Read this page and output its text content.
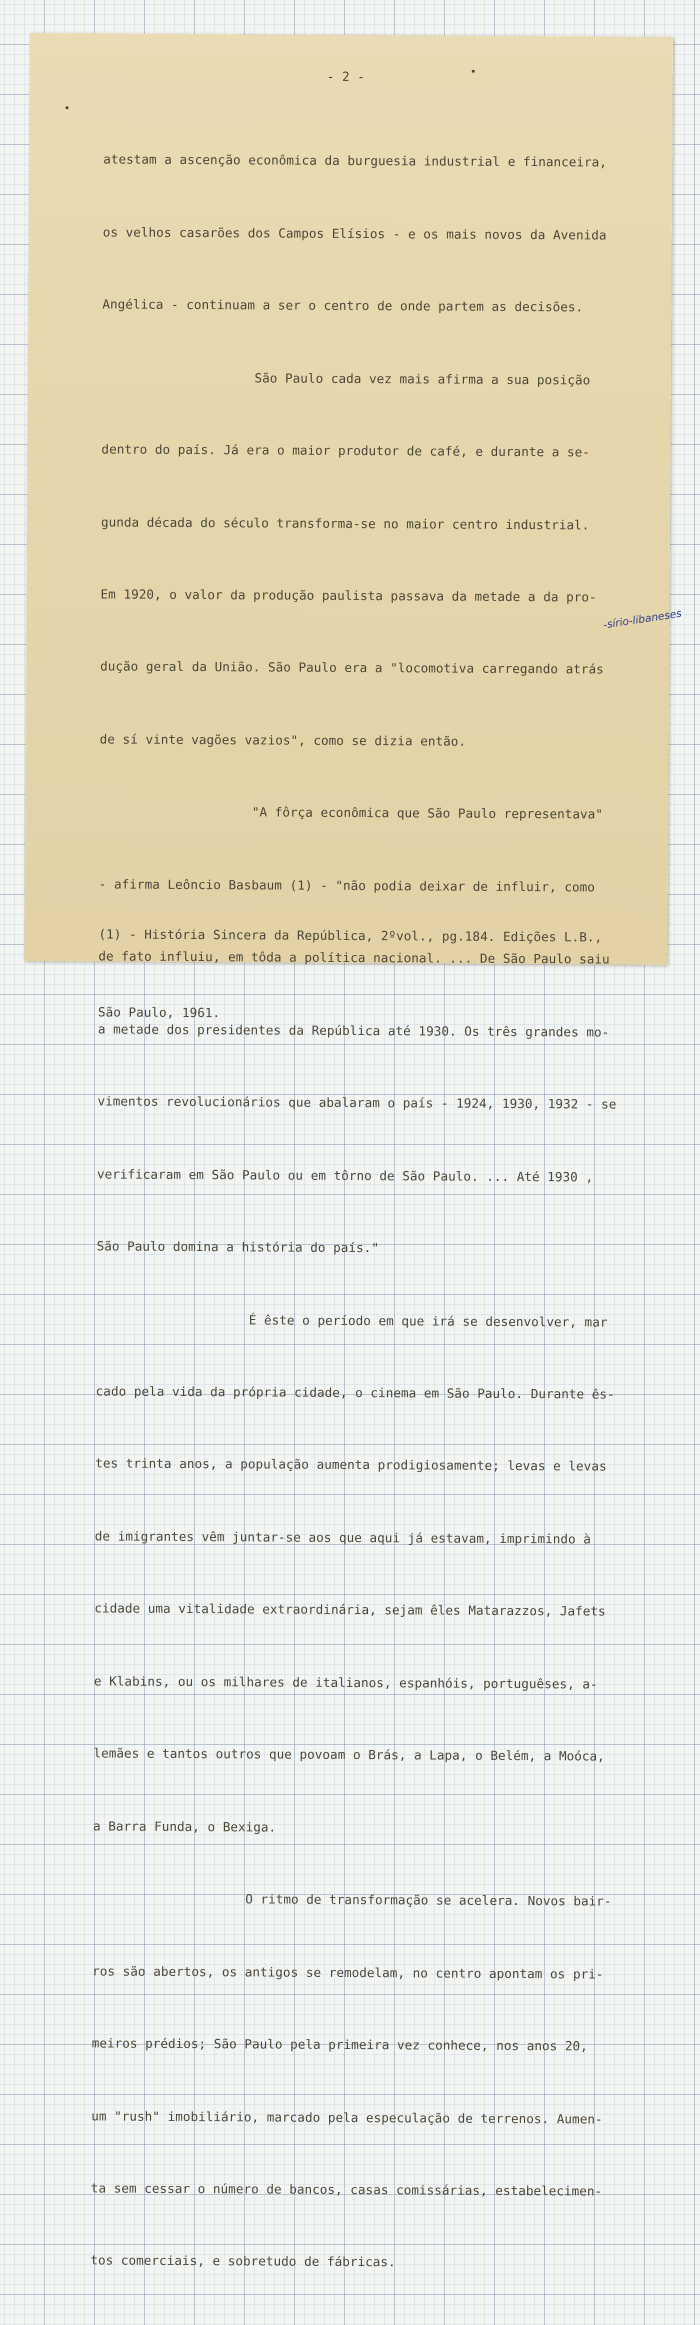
- 2 -

atestam a ascenção econômica da burguesia industrial e financeira,

os velhos casarões dos Campos Elísios - e os mais novos da Avenida

Angélica - continuam a ser o centro de onde partem as decisões.

São Paulo cada vez mais afirma a sua posição

dentro do país. Já era o maior produtor de café, e durante a se-

gunda década do século transforma-se no maior centro industrial.

Em 1920, o valor da produção paulista passava da metade a da pro-

dução geral da União. São Paulo era a "locomotiva carregando atrás

de sí vinte vagões vazios", como se dizia então.

"A fôrça econômica que São Paulo representava"

- afirma Leôncio Basbaum (1) - "não podia deixar de influir, como

de fato influiu, em tôda a política nacional. ... De São Paulo saiu

a metade dos presidentes da República até 1930. Os três grandes mo-

vimentos revolucionários que abalaram o país - 1924, 1930, 1932 - se

verificaram em São Paulo ou em tôrno de São Paulo. ... Até 1930 ,

São Paulo domina a história do país."

É êste o período em que irá se desenvolver, mar

cado pela vida da própria cidade, o cinema em São Paulo. Durante ês-

tes trinta anos, a população aumenta prodigiosamente; levas e levas

de imigrantes vêm juntar-se aos que aqui já estavam, imprimindo à

cidade uma vitalidade extraordinária, sejam êles Matarazzos, Jafets

e Klabins, ou os milhares de italianos, espanhóis, portuguêses, a-

lemães e tantos outros que povoam o Brás, a Lapa, o Belém, a Moóca,

a Barra Funda, o Bexiga.

O ritmo de transformação se acelera. Novos bair-

ros são abertos, os antigos se remodelam, no centro apontam os pri-

meiros prédios; São Paulo pela primeira vez conhece, nos anos 20,

um "rush" imobiliário, marcado pela especulação de terrenos. Aumen-

ta sem cessar o número de bancos, casas comissárias, estabelecimen-

tos comerciais, e sobretudo de fábricas.

(1) - História Sincera da República, 2ºvol., pg.184. Edições L.B.,

São Paulo, 1961.

-sírio-libaneses
